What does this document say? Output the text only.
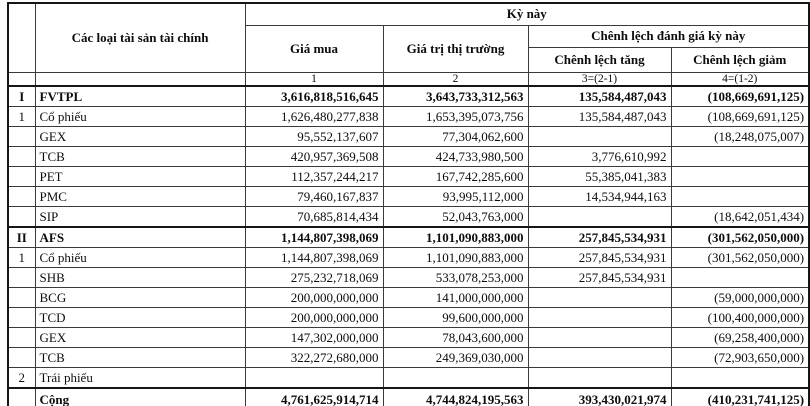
	Các loại tài sản tài chính	Kỳ này			
		Giá mua	Giá trị thị trường	Chênh lệch đánh giá kỳ này	
				Chênh lệch tăng	Chênh lệch giảm
		1	2	3=(2-1)	4=(1-2)
I	FVTPL	3,616,818,516,645	3,643,733,312,563	135,584,487,043	(108,669,691,125)
1	Cổ phiếu	1,626,480,277,838	1,653,395,073,756	135,584,487,043	(108,669,691,125)
	GEX	95,552,137,607	77,304,062,600		(18,248,075,007)
	TCB	420,957,369,508	424,733,980,500	3,776,610,992	
	PET	112,357,244,217	167,742,285,600	55,385,041,383	
	PMC	79,460,167,837	93,995,112,000	14,534,944,163	
	SIP	70,685,814,434	52,043,763,000		(18,642,051,434)
II	AFS	1,144,807,398,069	1,101,090,883,000	257,845,534,931	(301,562,050,000)
1	Cổ phiếu	1,144,807,398,069	1,101,090,883,000	257,845,534,931	(301,562,050,000)
	SHB	275,232,718,069	533,078,253,000	257,845,534,931	
	BCG	200,000,000,000	141,000,000,000		(59,000,000,000)
	TCD	200,000,000,000	99,600,000,000		(100,400,000,000)
	GEX	147,302,000,000	78,043,600,000		(69,258,400,000)
	TCB	322,272,680,000	249,369,030,000		(72,903,650,000)
2	Trái phiếu				
	Cộng	4,761,625,914,714	4,744,824,195,563	393,430,021,974	(410,231,741,125)
